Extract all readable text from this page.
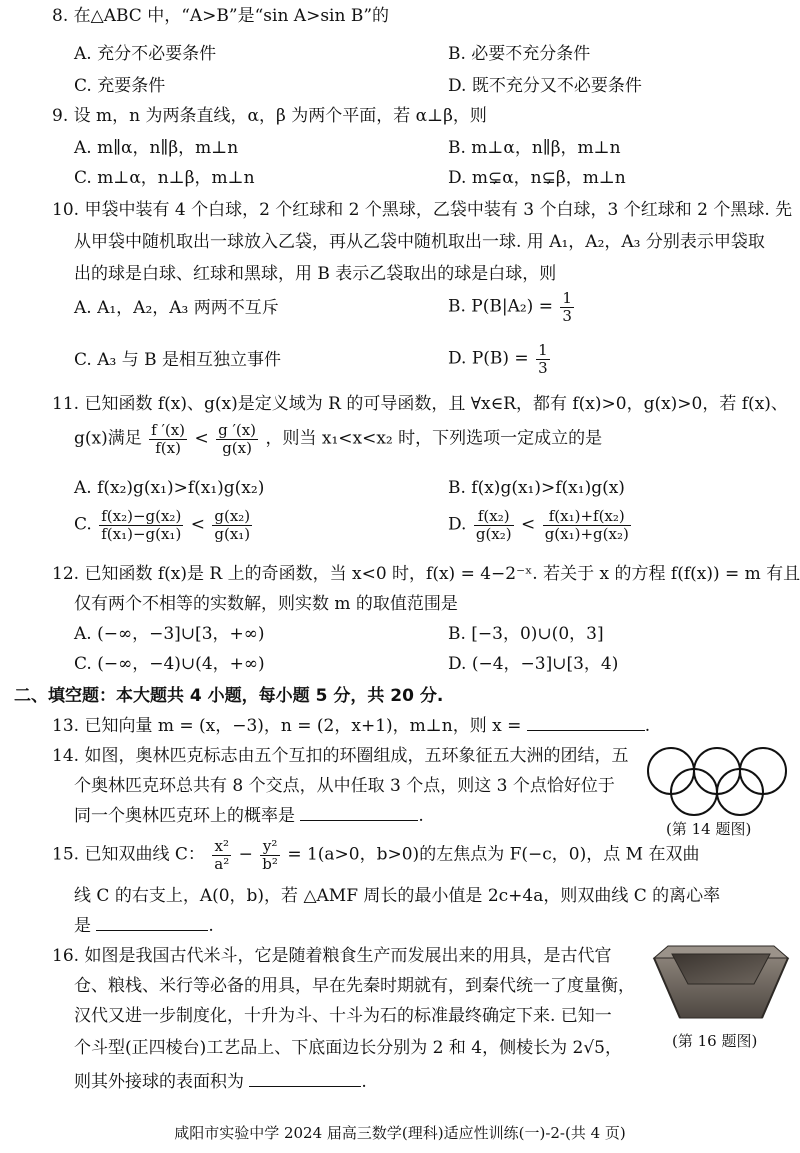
8. 在△ABC 中，“A>B”是“sin A>sin B”的
A. 充分不必要条件	B. 必要不充分条件
C. 充要条件	D. 既不充分又不必要条件
9. 设 m，n 为两条直线，α，β 为两个平面，若 α⊥β，则
A. m∥α，n∥β，m⊥n	B. m⊥α，n∥β，m⊥n
C. m⊥α，n⊥β，m⊥n	D. m⊊α，n⊊β，m⊥n
10. 甲袋中装有 4 个白球，2 个红球和 2 个黑球，乙袋中装有 3 个白球，3 个红球和 2 个黑球. 先
从甲袋中随机取出一球放入乙袋，再从乙袋中随机取出一球. 用 A₁，A₂，A₃ 分别表示甲袋取
出的球是白球、红球和黑球，用 B 表示乙袋取出的球是白球，则
A. A₁，A₂，A₃ 两两不互斥	B. $P(B|A_2) = \frac{1}{3}$
C. A₃ 与 B 是相互独立事件	D. $P(B) = \frac{1}{3}$
11. 已知函数 f(x)、g(x)是定义域为 R 的可导函数，且 ∀x∈R，都有 f(x)>0，g(x)>0，若 f(x)、
g(x)满足 $\frac{f '(x)}{f(x)} < \frac{g '(x)}{g(x)}$ ，则当 x₁<x<x₂ 时，下列选项一定成立的是
A. f(x₂)g(x₁)>f(x₁)g(x₂)	B. f(x)g(x₁)>f(x₁)g(x)
C. $\frac{\text{f(x₂)−g(x₂)}}{\text{f(x₁)−g(x₁)}} < \frac{\text{g(x₂)}}{\text{g(x₁)}}$	D. $\frac{\text{f(x₂)}}{\text{g(x₂)}} < \frac{\text{f(x₁)+f(x₂)}}{\text{g(x₁)+g(x₂)}}$
12. 已知函数 f(x)是 R 上的奇函数，当 x<0 时，f(x) = 4−2⁻ˣ. 若关于 x 的方程 f(f(x)) = m 有且
仅有两个不相等的实数解，则实数 m 的取值范围是
A. (−∞，−3]∪[3，+∞)	B. [−3，0)∪(0，3]
C. (−∞，−4)∪(4，+∞)	D. (−4，−3]∪[3，4)
二、填空题：本大题共 4 小题，每小题 5 分，共 20 分.
13. 已知向量 m = (x，−3)，n = (2，x+1)，m⊥n，则 x =	.
14. 如图，奥林匹克标志由五个互扣的环圈组成，五环象征五大洲的团结，五
个奥林匹克环总共有 8 个交点，从中任取 3 个点，则这 3 个点恰好位于
同一个奥林匹克环上的概率是	.
(第 14 题图)
15. 已知双曲线 C： $\frac{\text{x²}}{\text{a²}} - \frac{\text{y²}}{\text{b²}} = 1(a>0$，b>0)的左焦点为 F(−c，0)，点 M 在双曲
线 C 的右支上，A(0，b)，若 △AMF 周长的最小值是 2c+4a，则双曲线 C 的离心率
是	.
16. 如图是我国古代米斗，它是随着粮食生产而发展出来的用具，是古代官
仓、粮栈、米行等必备的用具，早在先秦时期就有，到秦代统一了度量衡，
汉代又进一步制度化，十升为斗、十斗为石的标准最终确定下来. 已知一
个斗型(正四棱台)工艺品上、下底面边长分别为 2 和 4，侧棱长为 2√5，
则其外接球的表面积为	.
(第 16 题图)
咸阳市实验中学 2024 届高三数学(理科)适应性训练(一)-2-(共 4 页)
